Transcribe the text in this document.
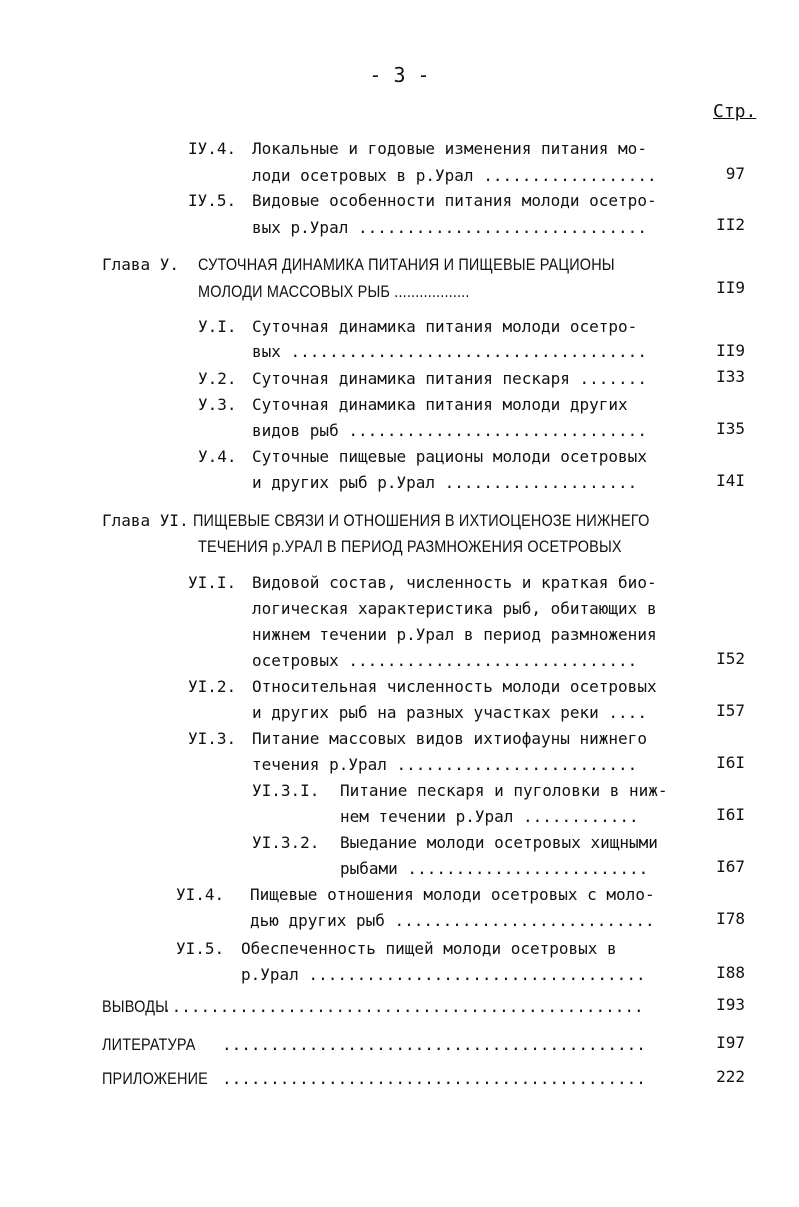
- 3 -
Стр.
IУ.4. Локальные и годовые изменения питания мо-
лоди осетровых в р.Урал ..................	97
IУ.5. Видовые особенности питания молоди осетро-
вых р.Урал ..............................	II2
Глава У. СУТОЧНАЯ ДИНАМИКА ПИТАНИЯ И ПИЩЕВЫЕ РАЦИОНЫ
МОЛОДИ МАССОВЫХ РЫБ ..................	II9
У.I. Суточная динамика питания молоди осетро-
вых .....................................	II9
У.2. Суточная динамика питания пескаря .......	I33
У.3. Суточная динамика питания молоди других
видов рыб ...............................	I35
У.4. Суточные пищевые рационы молоди осетровых
и других рыб р.Урал ....................	I4I
Глава УI. ПИЩЕВЫЕ СВЯЗИ И ОТНОШЕНИЯ В ИХТИОЦЕНОЗЕ НИЖНЕГО
ТЕЧЕНИЯ р.УРАЛ В ПЕРИОД РАЗМНОЖЕНИЯ ОСЕТРОВЫХ
УI.I. Видовой состав, численность и краткая био-
логическая характеристика рыб, обитающих в
нижнем течении р.Урал в период размножения
осетровых ..............................	I52
УI.2. Относительная численность молоди осетровых
и других рыб на разных участках реки ....	I57
УI.3. Питание массовых видов ихтиофауны нижнего
течения р.Урал .........................	I6I
УI.3.I. Питание пескаря и пуголовки в ниж-
нем течении р.Урал ............	I6I
УI.3.2. Выедание молоди осетровых хищными
рыбами .........................	I67
УI.4. Пищевые отношения молоди осетровых с моло-
дью других рыб ...........................	I78
УI.5. Обеспеченность пищей молоди осетровых в
р.Урал ...................................	I88
ВЫВОДЫ
..................................................	I93
ЛИТЕРАТУРА ............................................	I97
ПРИЛОЖЕНИЕ ............................................	222
